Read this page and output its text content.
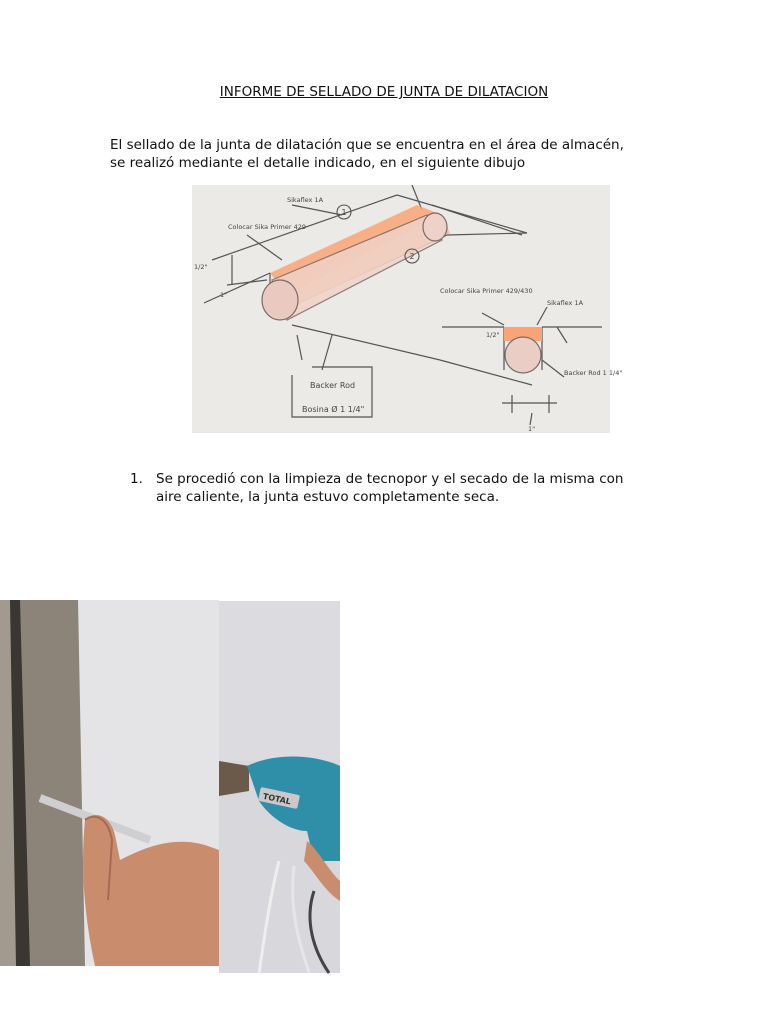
INFORME DE SELLADO DE JUNTA DE DILATACION
El sellado de la junta de dilatación que se encuentra en el área de almacén,
se realizó mediante el detalle indicado, en el siguiente dibujo
1
2
Sikaflex 1A
Colocar Sika Primer 429
1/2"
1"
Backer Rod
Bosina Ø 1 1/4"
Colocar Sika Primer 429/430
Sikaflex 1A
1/2"
Backer Rod 1 1/4"
1"
1. Se procedió con la limpieza de tecnopor y el secado de la misma con
aire caliente, la junta estuvo completamente seca.
TOTAL
